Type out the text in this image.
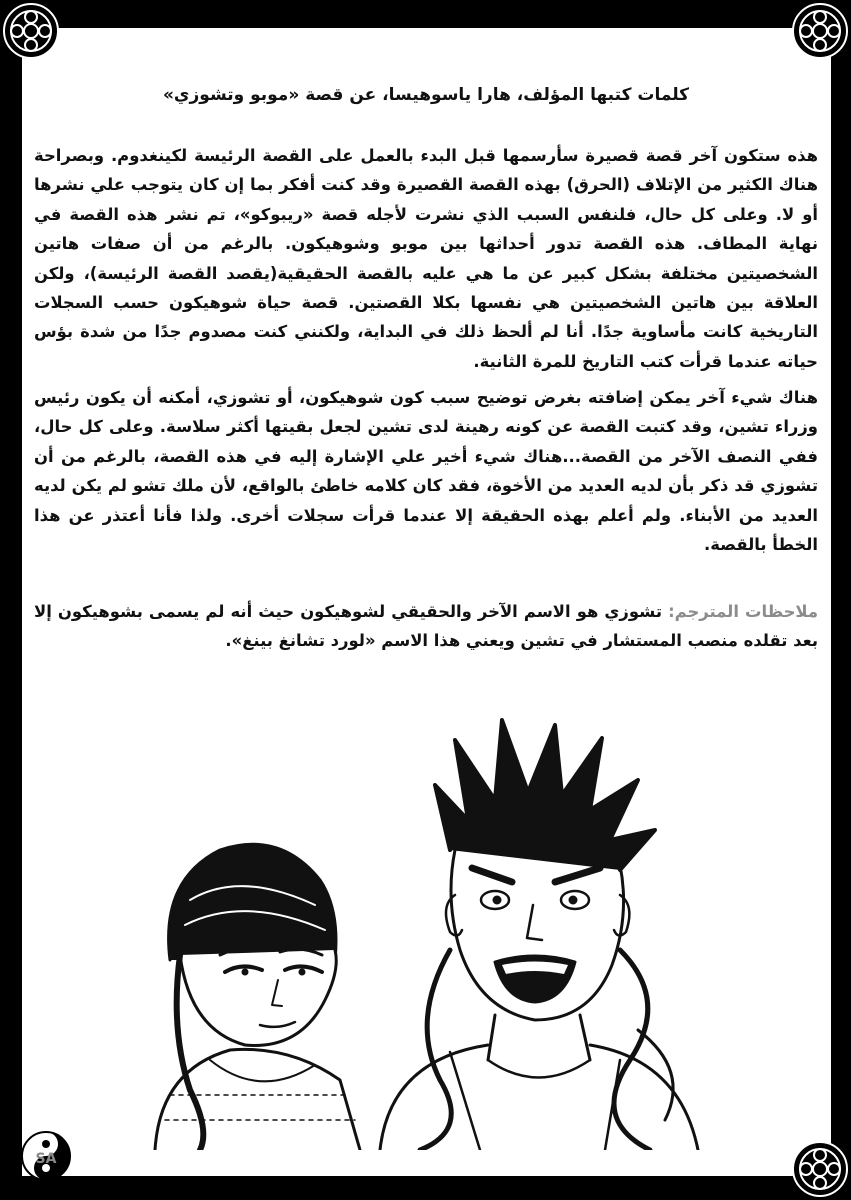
كلمات كتبها المؤلف، هارا ياسوهيسا، عن قصة «موبو وتشوزي»

هذه ستكون آخر قصة قصيرة سأرسمها قبل البدء بالعمل على القصة الرئيسة لكينغدوم. وبصراحة هناك الكثير من الإتلاف (الحرق) بهذه القصة القصيرة وقد كنت أفكر بما إن كان يتوجب علي نشرها أو لا. وعلى كل حال، فلنفس السبب الذي نشرت لأجله قصة «ريبوكو»، تم نشر هذه القصة في نهاية المطاف. هذه القصة تدور أحداثها بين موبو وشوهيكون. بالرغم من أن صفات هاتين الشخصيتين مختلفة بشكل كبير عن ما هي عليه بالقصة الحقيقية(يقصد القصة الرئيسة)، ولكن العلاقة بين هاتين الشخصيتين هي نفسها بكلا القصتين. قصة حياة شوهيكون حسب السجلات التاريخية كانت مأساوية جدًا. أنا لم ألحظ ذلك في البداية، ولكنني كنت مصدوم جدًا من شدة بؤس حياته عندما قرأت كتب التاريخ للمرة الثانية.

هناك شيء آخر يمكن إضافته بغرض توضيح سبب كون شوهيكون، أو تشوزي، أمكنه أن يكون رئيس وزراء تشين، وقد كتبت القصة عن كونه رهينة لدى تشين لجعل بقيتها أكثر سلاسة. وعلى كل حال، ففي النصف الآخر من القصة...هناك شيء أخير علي الإشارة إليه في هذه القصة، بالرغم من أن تشوزي قد ذكر بأن لديه العديد من الأخوة، فقد كان كلامه خاطئ بالواقع، لأن ملك تشو لم يكن لديه العديد من الأبناء. ولم أعلم بهذه الحقيقة إلا عندما قرأت سجلات أخرى. ولذا فأنا أعتذر عن هذا الخطأ بالقصة.

ملاحظات المترجم: تشوزي هو الاسم الآخر والحقيقي لشوهيكون حيث أنه لم يسمى بشوهيكون إلا بعد تقلده منصب المستشار في تشين ويعني هذا الاسم «لورد تشانغ بينغ».

SA
